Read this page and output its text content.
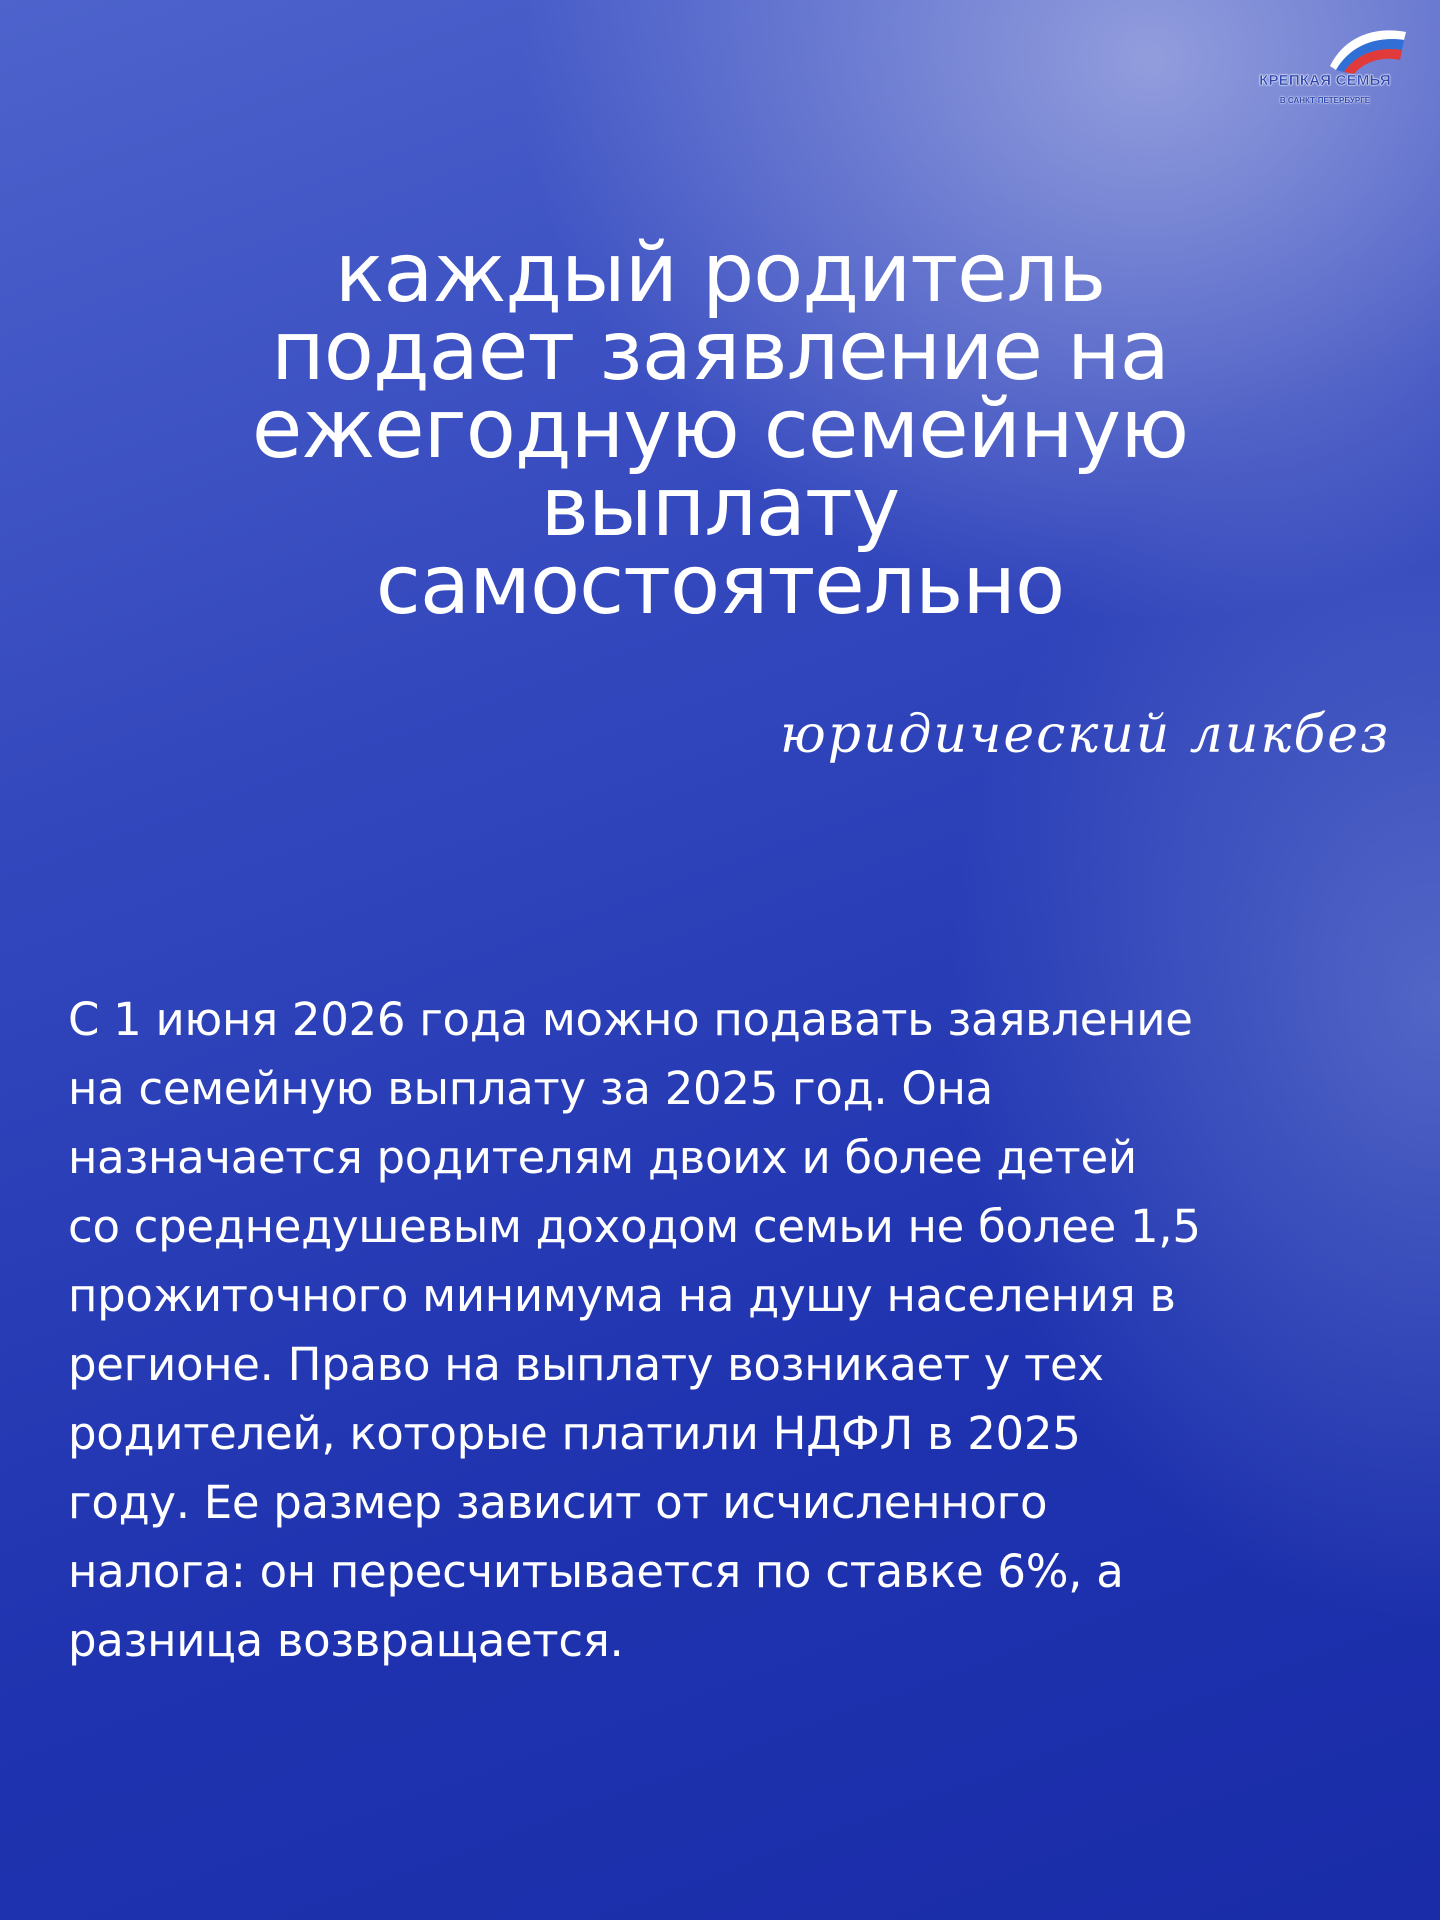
КРЕПКАЯ СЕМЬЯ
В САНКТ-ПЕТЕРБУРГЕ
каждый родитель
подает заявление на
ежегодную семейную
выплату
самостоятельно
юридический ликбез
С 1 июня 2026 года можно подавать заявление
на семейную выплату за 2025 год. Она
назначается родителям двоих и более детей
со среднедушевым доходом семьи не более 1,5
прожиточного минимума на душу населения в
регионе. Право на выплату возникает у тех
родителей, которые платили НДФЛ в 2025
году. Ее размер зависит от исчисленного
налога: он пересчитывается по ставке 6%, а
разница возвращается.
